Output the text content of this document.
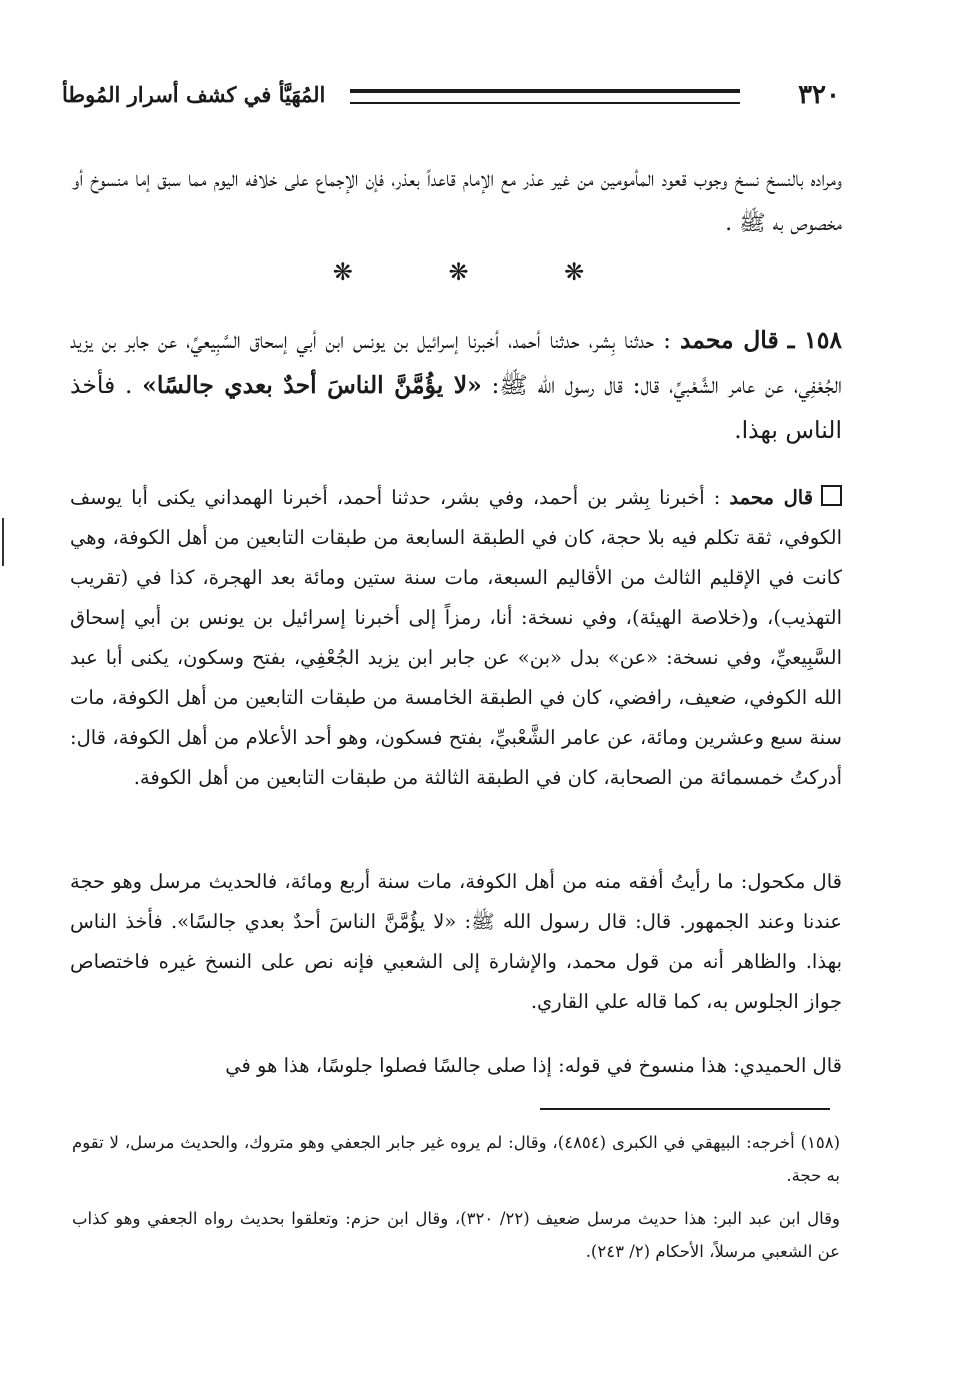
المُهَيَّأ في كشف أسرار المُوطأ	٣٢٠
ومراده بالنسخ نسخ وجوب قعود المأمومين من غير عذر مع الإمام قاعداً بعذر، فإن الإجماع على خلافه اليوم مما سبق إما منسوخ أو مخصوص به ﷺ .
❋ ❋ ❋
١٥٨ ـ قال محمد : حدثنا بِشر، حدثنا أحمد، أخبرنا إسرائيل بن يونس ابن أبي إسحاق السَّبِيعيِّ، عن جابر بن يزيد الجُعْفِي، عن عامر الشَّعْبيِّ، قال: قال رسول الله ﷺ: «لا يؤُمَّنَّ الناسَ أحدٌ بعدي جالسًا» . فأخذ الناس بهذا.
قال محمد : أخبرنا بِشر بن أحمد، وفي بشر، حدثنا أحمد، أخبرنا الهمداني يكنى أبا يوسف الكوفي، ثقة تكلم فيه بلا حجة، كان في الطبقة السابعة من طبقات التابعين من أهل الكوفة، وهي كانت في الإقليم الثالث من الأقاليم السبعة، مات سنة ستين ومائة بعد الهجرة، كذا في (تقريب التهذيب)، و(خلاصة الهيئة)، وفي نسخة: أنا، رمزاً إلى أخبرنا إسرائيل بن يونس بن أبي إسحاق السَّبِيعيِّ، وفي نسخة: «عن» بدل «بن» عن جابر ابن يزيد الجُعْفِي، بفتح وسكون، يكنى أبا عبد الله الكوفي، ضعيف، رافضي، كان في الطبقة الخامسة من طبقات التابعين من أهل الكوفة، مات سنة سبع وعشرين ومائة، عن عامر الشَّعْبيِّ، بفتح فسكون، وهو أحد الأعلام من أهل الكوفة، قال: أدركتُ خمسمائة من الصحابة، كان في الطبقة الثالثة من طبقات التابعين من أهل الكوفة.
قال مكحول: ما رأيتُ أفقه منه من أهل الكوفة، مات سنة أربع ومائة، فالحديث مرسل وهو حجة عندنا وعند الجمهور. قال: قال رسول الله ﷺ: «لا يؤُمَّنَّ الناسَ أحدٌ بعدي جالسًا». فأخذ الناس بهذا. والظاهر أنه من قول محمد، والإشارة إلى الشعبي فإنه نص على النسخ غيره فاختصاص جواز الجلوس به، كما قاله علي القاري.
قال الحميدي: هذا منسوخ في قوله: إذا صلى جالسًا فصلوا جلوسًا، هذا هو في
(١٥٨) أخرجه: البيهقي في الكبرى (٤٨٥٤)، وقال: لم يروه غير جابر الجعفي وهو متروك، والحديث مرسل، لا تقوم به حجة.
وقال ابن عبد البر: هذا حديث مرسل ضعيف (٢٢/ ٣٢٠)، وقال ابن حزم: وتعلقوا بحديث رواه الجعفي وهو كذاب عن الشعبي مرسلاً، الأحكام (٢/ ٢٤٣).
